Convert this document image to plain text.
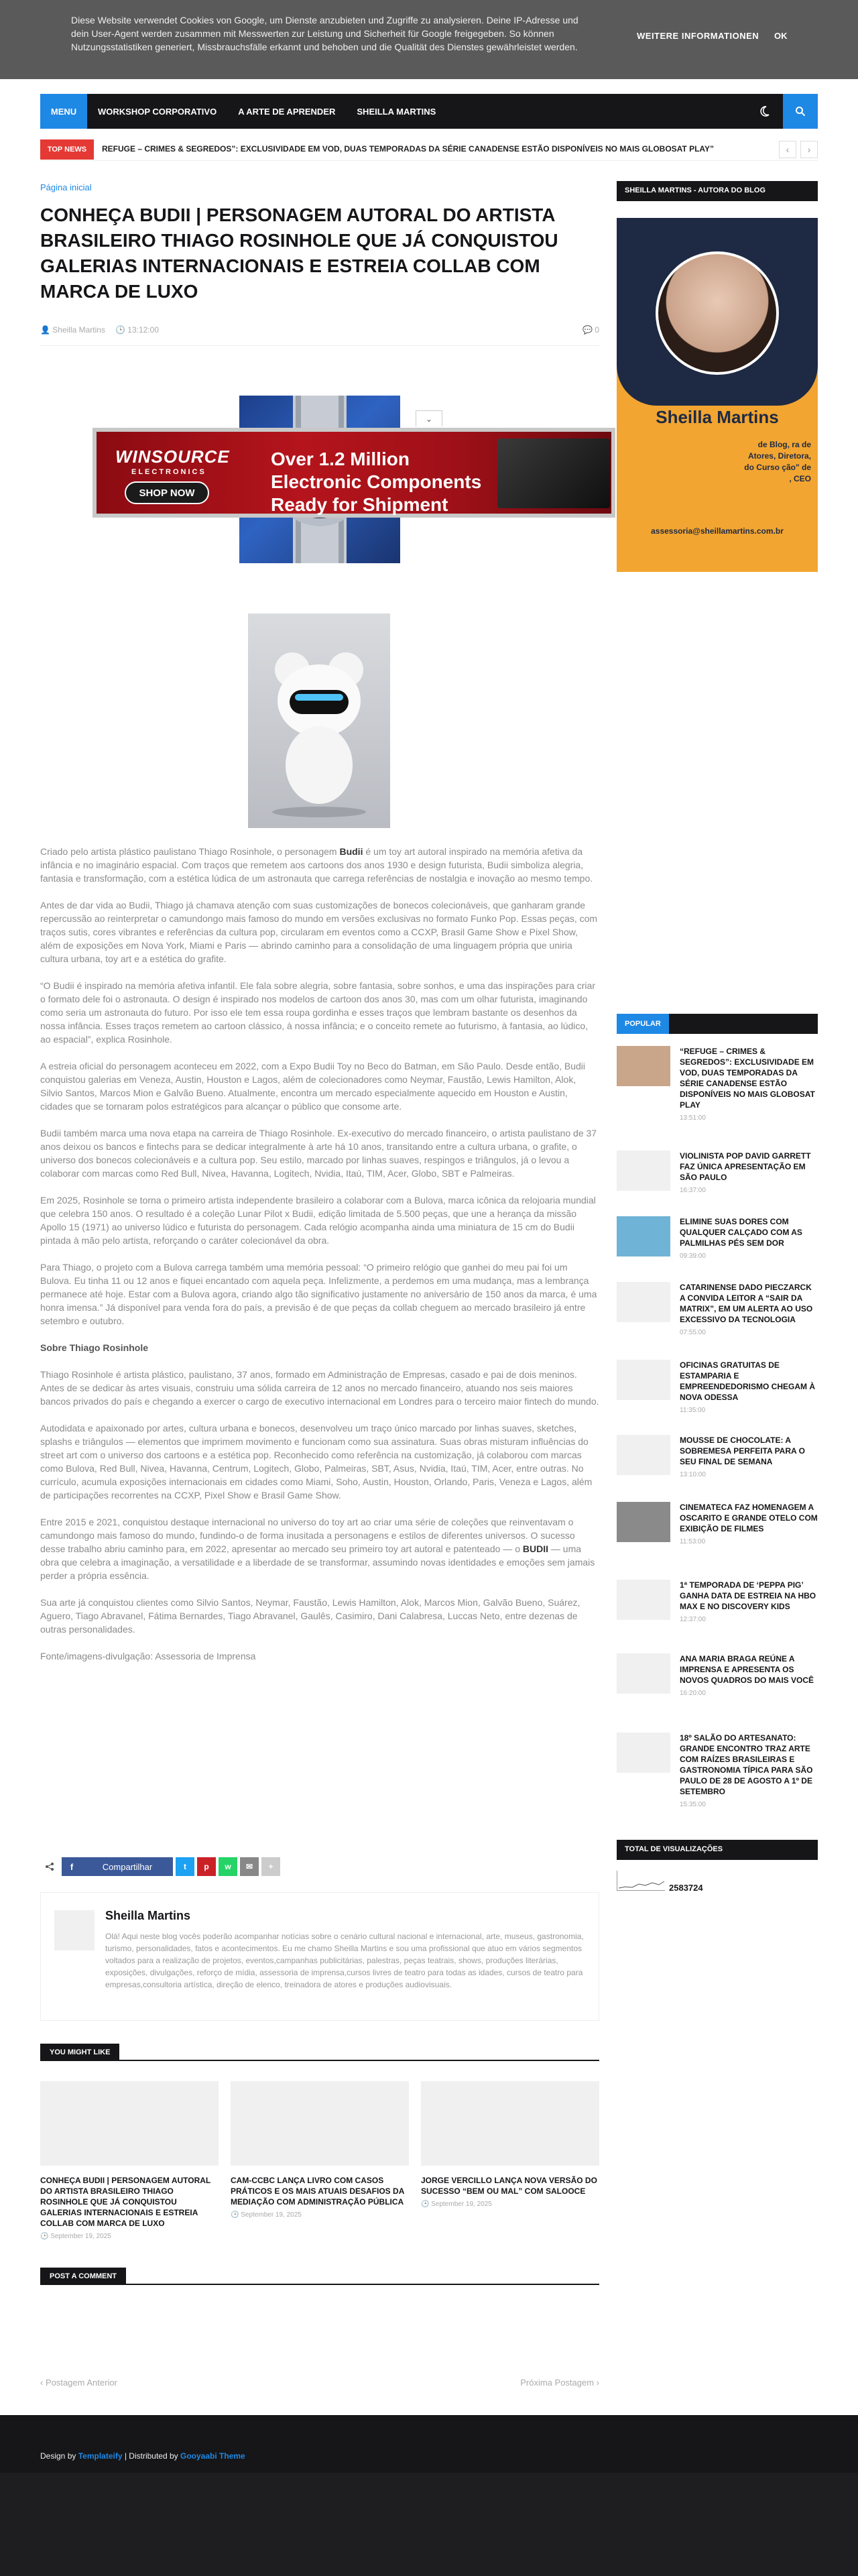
Diese Website verwendet Cookies von Google, um Dienste anzubieten und Zugriffe zu analysieren. Deine IP-Adresse und dein User-Agent werden zusammen mit Messwerten zur Leistung und Sicherheit für Google freigegeben. So können Nutzungsstatistiken generiert, Missbrauchsfälle erkannt und behoben und die Qualität des Dienstes gewährleistet werden.
WEITERE INFORMATIONEN OK
MENU	WORKSHOP CORPORATIVO	A ARTE DE APRENDER	SHEILLA MARTINS
TOP NEWS	REFUGE – CRIMES & SEGREDOS”: EXCLUSIVIDADE EM VOD, DUAS TEMPORADAS DA SÉRIE CANADENSE ESTÃO DISPONÍVEIS NO MAIS GLOBOSAT PLAY”	‹	›
Página inicial
CONHEÇA BUDII | PERSONAGEM AUTORAL DO ARTISTA BRASILEIRO THIAGO ROSINHOLE QUE JÁ CONQUISTOU GALERIAS INTERNACIONAIS E ESTREIA COLLAB COM MARCA DE LUXO
👤 Sheilla Martins 🕒 13:12:00	💬 0
⌄
WINSOURCE
ELECTRONICS
SHOP NOW
Over 1.2 Million Electronic Components Ready for Shipment

Criado pelo artista plástico paulistano Thiago Rosinhole, o personagem Budii é um toy art autoral inspirado na memória afetiva da infância e no imaginário espacial. Com traços que remetem aos cartoons dos anos 1930 e design futurista, Budii simboliza alegria, fantasia e transformação, com a estética lúdica de um astronauta que carrega referências de nostalgia e inovação ao mesmo tempo.

Antes de dar vida ao Budii, Thiago já chamava atenção com suas customizações de bonecos colecionáveis, que ganharam grande repercussão ao reinterpretar o camundongo mais famoso do mundo em versões exclusivas no formato Funko Pop. Essas peças, com traços sutis, cores vibrantes e referências da cultura pop, circularam em eventos como a CCXP, Brasil Game Show e Pixel Show, além de exposições em Nova York, Miami e Paris — abrindo caminho para a consolidação de uma linguagem própria que uniria cultura urbana, toy art e a estética do grafite.

“O Budii é inspirado na memória afetiva infantil. Ele fala sobre alegria, sobre fantasia, sobre sonhos, e uma das inspirações para criar o formato dele foi o astronauta. O design é inspirado nos modelos de cartoon dos anos 30, mas com um olhar futurista, imaginando como seria um astronauta do futuro. Por isso ele tem essa roupa gordinha e esses traços que lembram bastante os desenhos da nossa infância. Esses traços remetem ao cartoon clássico, à nossa infância; e o conceito remete ao futurismo, à fantasia, ao lúdico, ao espacial”, explica Rosinhole.

A estreia oficial do personagem aconteceu em 2022, com a Expo Budii Toy no Beco do Batman, em São Paulo. Desde então, Budii conquistou galerias em Veneza, Austin, Houston e Lagos, além de colecionadores como Neymar, Faustão, Lewis Hamilton, Alok, Silvio Santos, Marcos Mion e Galvão Bueno. Atualmente, encontra um mercado especialmente aquecido em Houston e Austin, cidades que se tornaram polos estratégicos para alcançar o público que consome arte.

Budii também marca uma nova etapa na carreira de Thiago Rosinhole. Ex-executivo do mercado financeiro, o artista paulistano de 37 anos deixou os bancos e fintechs para se dedicar integralmente à arte há 10 anos, transitando entre a cultura urbana, o grafite, o universo dos bonecos colecionáveis e a cultura pop. Seu estilo, marcado por linhas suaves, respingos e triângulos, já o levou a colaborar com marcas como Red Bull, Nivea, Havanna, Logitech, Nvidia, Itaú, TIM, Acer, Globo, SBT e Palmeiras.

Em 2025, Rosinhole se torna o primeiro artista independente brasileiro a colaborar com a Bulova, marca icônica da relojoaria mundial que celebra 150 anos. O resultado é a coleção Lunar Pilot x Budii, edição limitada de 5.500 peças, que une a herança da missão Apollo 15 (1971) ao universo lúdico e futurista do personagem. Cada relógio acompanha ainda uma miniatura de 15 cm do Budii pintada à mão pelo artista, reforçando o caráter colecionável da obra.

Para Thiago, o projeto com a Bulova carrega também uma memória pessoal: “O primeiro relógio que ganhei do meu pai foi um Bulova. Eu tinha 11 ou 12 anos e fiquei encantado com aquela peça. Infelizmente, a perdemos em uma mudança, mas a lembrança permanece até hoje. Estar com a Bulova agora, criando algo tão significativo justamente no aniversário de 150 anos da marca, é uma honra imensa.” Já disponível para venda fora do país, a previsão é de que peças da collab cheguem ao mercado brasileiro já entre setembro e outubro.

Sobre Thiago Rosinhole

Thiago Rosinhole é artista plástico, paulistano, 37 anos, formado em Administração de Empresas, casado e pai de dois meninos. Antes de se dedicar às artes visuais, construiu uma sólida carreira de 12 anos no mercado financeiro, atuando nos seis maiores bancos privados do país e chegando a exercer o cargo de executivo internacional em Londres para o terceiro maior fintech do mundo.

Autodidata e apaixonado por artes, cultura urbana e bonecos, desenvolveu um traço único marcado por linhas suaves, sketches, splashs e triângulos — elementos que imprimem movimento e funcionam como sua assinatura. Suas obras misturam influências do street art com o universo dos cartoons e a estética pop. Reconhecido como referência na customização, já colaborou com marcas como Bulova, Red Bull, Nivea, Havanna, Centrum, Logitech, Globo, Palmeiras, SBT, Asus, Nvidia, Itaú, TIM, Acer, entre outras. No currículo, acumula exposições internacionais em cidades como Miami, Soho, Austin, Houston, Orlando, Paris, Veneza e Lagos, além de participações recorrentes na CCXP, Pixel Show e Brasil Game Show.

Entre 2015 e 2021, conquistou destaque internacional no universo do toy art ao criar uma série de coleções que reinventavam o camundongo mais famoso do mundo, fundindo-o de forma inusitada a personagens e estilos de diferentes universos. O sucesso desse trabalho abriu caminho para, em 2022, apresentar ao mercado seu primeiro toy art autoral e patenteado — o BUDII — uma obra que celebra a imaginação, a versatilidade e a liberdade de se transformar, assumindo novas identidades e emoções sem jamais perder a própria essência.

Sua arte já conquistou clientes como Silvio Santos, Neymar, Faustão, Lewis Hamilton, Alok, Marcos Mion, Galvão Bueno, Suárez, Aguero, Tiago Abravanel, Fátima Bernardes, Tiago Abravanel, Gaulês, Casimiro, Dani Calabresa, Luccas Neto, entre dezenas de outras personalidades.

Fonte/imagens-divulgação: Assessoria de Imprensa

f	Compartilhar	t	p	w	✉	+
Sheilla Martins
Olá! Aqui neste blog vocês poderão acompanhar notícias sobre o cenário cultural nacional e internacional, arte, museus, gastronomia, turismo, personalidades, fatos e acontecimentos. Eu me chamo Sheilla Martins e sou uma profissional que atuo em vários segmentos voltados para a realização de projetos, eventos,campanhas publicitárias, palestras, peças teatrais, shows, produções literárias, exposições, divulgações, reforço de mídia, assessoria de imprensa,cursos livres de teatro para todas as idades, cursos de teatro para empresas,consultoria artística, direção de elenco, treinadora de atores e produções audiovisuais.
YOU MIGHT LIKE
CONHEÇA BUDII | PERSONAGEM AUTORAL DO ARTISTA BRASILEIRO THIAGO ROSINHOLE QUE JÁ CONQUISTOU GALERIAS INTERNACIONAIS E ESTREIA COLLAB COM MARCA DE LUXO
🕒 September 19, 2025
CAM-CCBC LANÇA LIVRO COM CASOS PRÁTICOS E OS MAIS ATUAIS DESAFIOS DA MEDIAÇÃO COM ADMINISTRAÇÃO PÚBLICA
🕒 September 19, 2025
JORGE VERCILLO LANÇA NOVA VERSÃO DO SUCESSO “BEM OU MAL” COM SALOOCE
🕒 September 19, 2025
POST A COMMENT
‹ Postagem Anterior	Próxima Postagem ›
Design by Templateify | Distributed by Gooyaabi Theme
SHEILLA MARTINS - AUTORA DO BLOG
Sheilla Martins
de Blog, ra de Atores, Diretora, do Curso ção" de , CEO
assessoria@sheillamartins.com.br
POPULAR
“REFUGE – CRIMES & SEGREDOS”: EXCLUSIVIDADE EM VOD, DUAS TEMPORADAS DA SÉRIE CANADENSE ESTÃO DISPONÍVEIS NO MAIS GLOBOSAT PLAY
13:51:00
VIOLINISTA POP DAVID GARRETT FAZ ÚNICA APRESENTAÇÃO EM SÃO PAULO
16:37:00
ELIMINE SUAS DORES COM QUALQUER CALÇADO COM AS PALMILHAS PÉS SEM DOR
09:39:00
CATARINENSE DADO PIECZARCK A CONVIDA LEITOR A “SAIR DA MATRIX”, EM UM ALERTA AO USO EXCESSIVO DA TECNOLOGIA
07:55:00
OFICINAS GRATUITAS DE ESTAMPARIA E EMPREENDEDORISMO CHEGAM À NOVA ODESSA
11:35:00
MOUSSE DE CHOCOLATE: A SOBREMESA PERFEITA PARA O SEU FINAL DE SEMANA
13:10:00
CINEMATECA FAZ HOMENAGEM A OSCARITO E GRANDE OTELO COM EXIBIÇÃO DE FILMES
11:53:00
1ª TEMPORADA DE ‘PEPPA PIG’ GANHA DATA DE ESTREIA NA HBO MAX E NO DISCOVERY KIDS
12:37:00
ANA MARIA BRAGA REÚNE A IMPRENSA E APRESENTA OS NOVOS QUADROS DO MAIS VOCÊ
16:20:00
18º SALÃO DO ARTESANATO: GRANDE ENCONTRO TRAZ ARTE COM RAÍZES BRASILEIRAS E GASTRONOMIA TÍPICA PARA SÃO PAULO DE 28 DE AGOSTO A 1º DE SETEMBRO
15:35:00
TOTAL DE VISUALIZAÇÕES
2583724
